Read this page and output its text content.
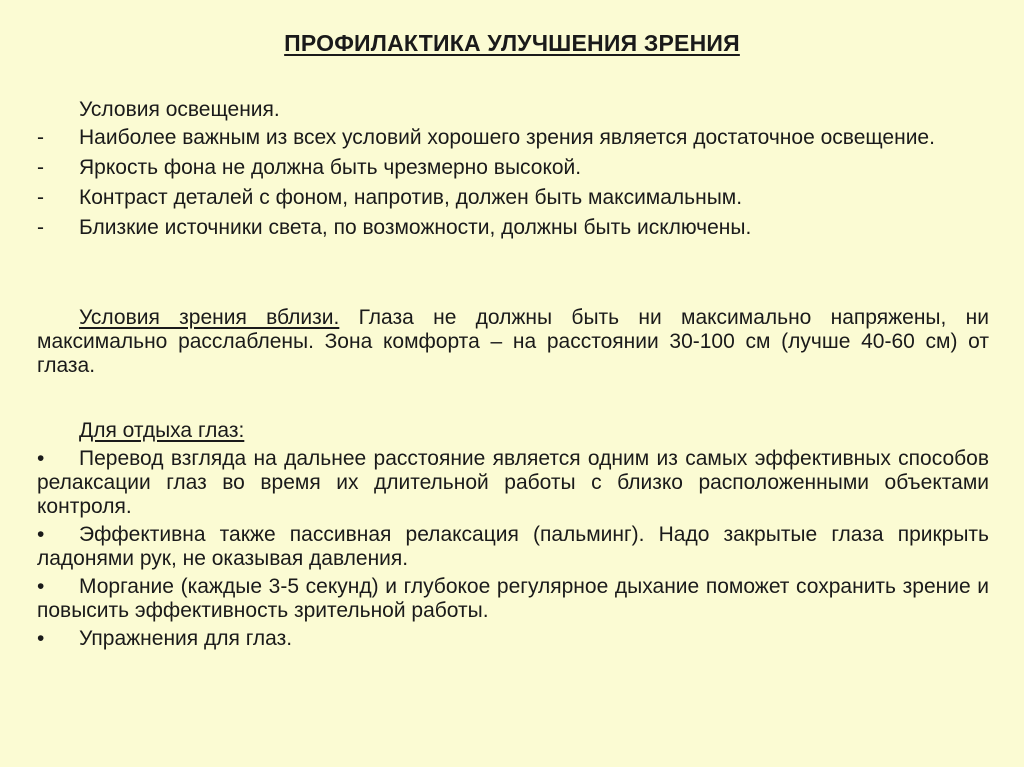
ПРОФИЛАКТИКА УЛУЧШЕНИЯ ЗРЕНИЯ
Условия освещения.
-	Наиболее важным из всех условий хорошего зрения является достаточное освещение.
-	Яркость фона не должна быть чрезмерно высокой.
-	Контраст деталей с фоном, напротив, должен быть максимальным.
-	Близкие источники света, по возможности, должны быть исключены.
Условия зрения вблизи. Глаза не должны быть ни максимально напряжены, ни максимально расслаблены. Зона комфорта – на расстоянии 30-100 см (лучше 40-60 см) от глаза.
Для отдыха глаз:
•	Перевод взгляда на дальнее расстояние является одним из самых эффективных способов релаксации глаз во время их длительной работы с близко расположенными объектами контроля.
•	Эффективна также пассивная релаксация (пальминг). Надо закрытые глаза прикрыть ладонями рук, не оказывая давления.
•	Моргание (каждые 3-5 секунд) и глубокое регулярное дыхание поможет сохранить зрение и повысить эффективность зрительной работы.
•	Упражнения для глаз.
